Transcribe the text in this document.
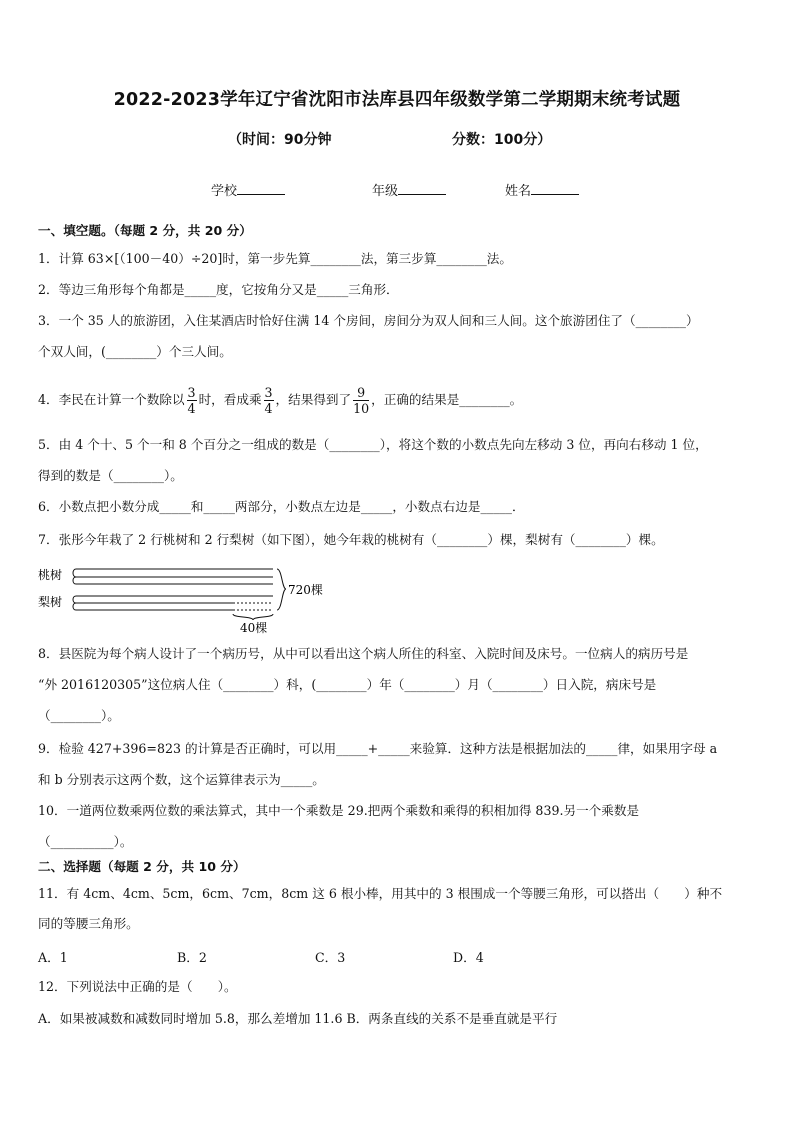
2022-2023学年辽宁省沈阳市法库县四年级数学第二学期期末统考试题
（时间：90分钟	分数：100分）
学校	年级	姓名
一、填空题。（每题 2 分，共 20 分）
1．计算 63×[（100－40）÷20]时，第一步先算________法，第三步算________法。
2．等边三角形每个角都是_____度，它按角分又是_____三角形．
3．一个 35 人的旅游团，入住某酒店时恰好住满 14 个房间，房间分为双人间和三人间。这个旅游团住了（________）
个双人间，(________）个三人间。
4．李民在计算一个数除以 $\frac{3}{4}$ 时，看成乘 $\frac{3}{4}$ ，结果得到了 $\frac{9}{10}$ ，正确的结果是________。
5．由 4 个十、5 个一和 8 个百分之一组成的数是（________），将这个数的小数点先向左移动 3 位，再向右移动 1 位，
得到的数是（________）。
6．小数点把小数分成_____和_____两部分，小数点左边是_____，小数点右边是_____．
7．张彤今年栽了 2 行桃树和 2 行梨树（如下图），她今年栽的桃树有（________）棵，梨树有（________）棵。
桃树
梨树
720棵
40棵
8．县医院为每个病人设计了一个病历号，从中可以看出这个病人所住的科室、入院时间及床号。一位病人的病历号是
“外 2016120305”这位病人住（________）科，(________）年（________）月（________）日入院，病床号是
（________）。
9．检验 427+396=823 的计算是否正确时，可以用_____+_____来验算．这种方法是根据加法的_____律，如果用字母 a
和 b 分别表示这两个数，这个运算律表示为_____。
10．一道两位数乘两位数的乘法算式，其中一个乘数是 29.把两个乘数和乘得的积相加得 839.另一个乘数是
（__________）。
二、选择题（每题 2 分，共 10 分）
11．有 4cm、4cm、5cm，6cm、7cm，8cm 这 6 根小棒，用其中的 3 根围成一个等腰三角形，可以搭出（　　）种不
同的等腰三角形。
A．1	B．2	C．3	D．4
12．下列说法中正确的是（　　）。
A．如果被减数和减数同时增加 5.8，那么差增加 11.6 B．两条直线的关系不是垂直就是平行
